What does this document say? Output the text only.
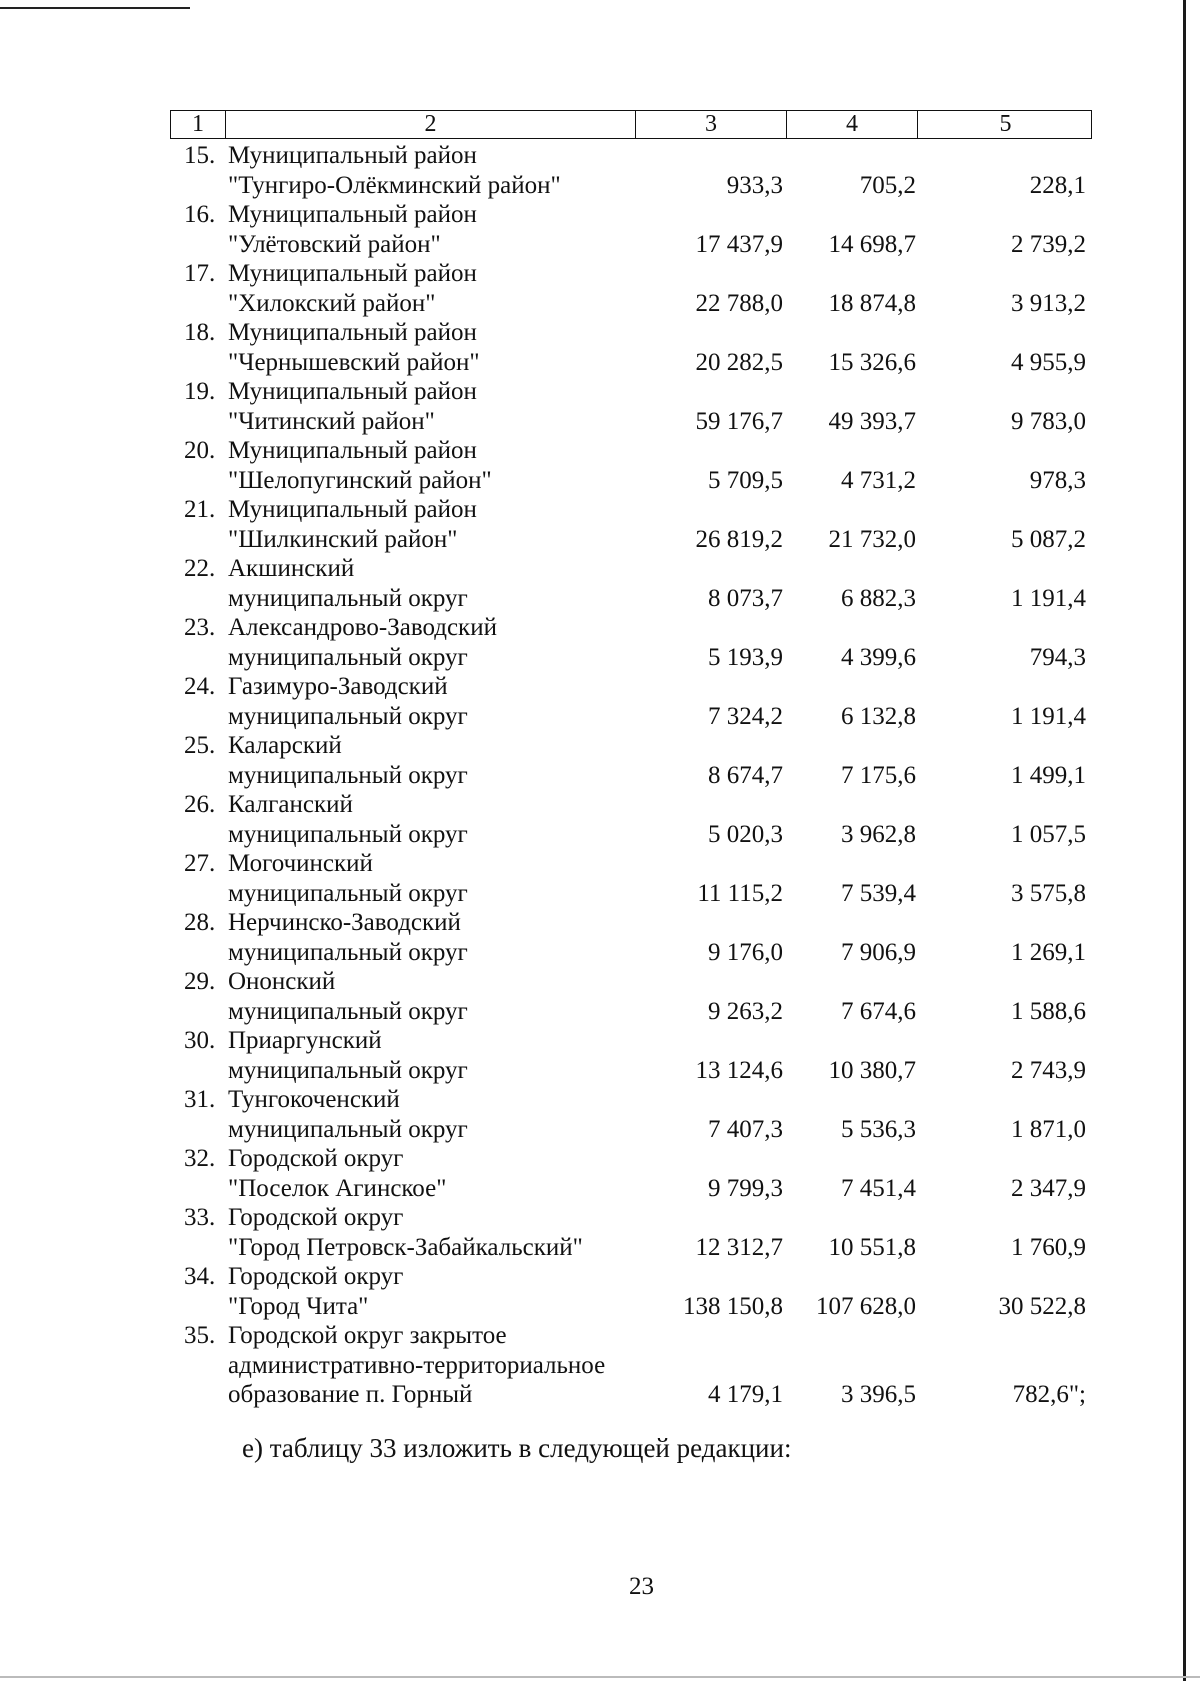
1	2	3	4	5
15. Муниципальный район
"Тунгиро-Олёкминский район"	933,3	705,2	228,1
16. Муниципальный район
"Улётовский район"	17 437,9	14 698,7	2 739,2
17. Муниципальный район
"Хилокский район"	22 788,0	18 874,8	3 913,2
18. Муниципальный район
"Чернышевский район"	20 282,5	15 326,6	4 955,9
19. Муниципальный район
"Читинский район"	59 176,7	49 393,7	9 783,0
20. Муниципальный район
"Шелопугинский район"	5 709,5	4 731,2	978,3
21. Муниципальный район
"Шилкинский район"	26 819,2	21 732,0	5 087,2
22. Акшинский
муниципальный округ	8 073,7	6 882,3	1 191,4
23. Александрово-Заводский
муниципальный округ	5 193,9	4 399,6	794,3
24. Газимуро-Заводский
муниципальный округ	7 324,2	6 132,8	1 191,4
25. Каларский
муниципальный округ	8 674,7	7 175,6	1 499,1
26. Калганский
муниципальный округ	5 020,3	3 962,8	1 057,5
27. Могочинский
муниципальный округ	11 115,2	7 539,4	3 575,8
28. Нерчинско-Заводский
муниципальный округ	9 176,0	7 906,9	1 269,1
29. Ононский
муниципальный округ	9 263,2	7 674,6	1 588,6
30. Приаргунский
муниципальный округ	13 124,6	10 380,7	2 743,9
31. Тунгокоченский
муниципальный округ	7 407,3	5 536,3	1 871,0
32. Городской округ
"Поселок Агинское"	9 799,3	7 451,4	2 347,9
33. Городской округ
"Город Петровск-Забайкальский"	12 312,7	10 551,8	1 760,9
34. Городской округ
"Город Чита"	138 150,8	107 628,0	30 522,8
35. Городской округ закрытое
административно-территориальное
образование п. Горный	4 179,1	3 396,5	782,6";
е) таблицу 33 изложить в следующей редакции:
23
